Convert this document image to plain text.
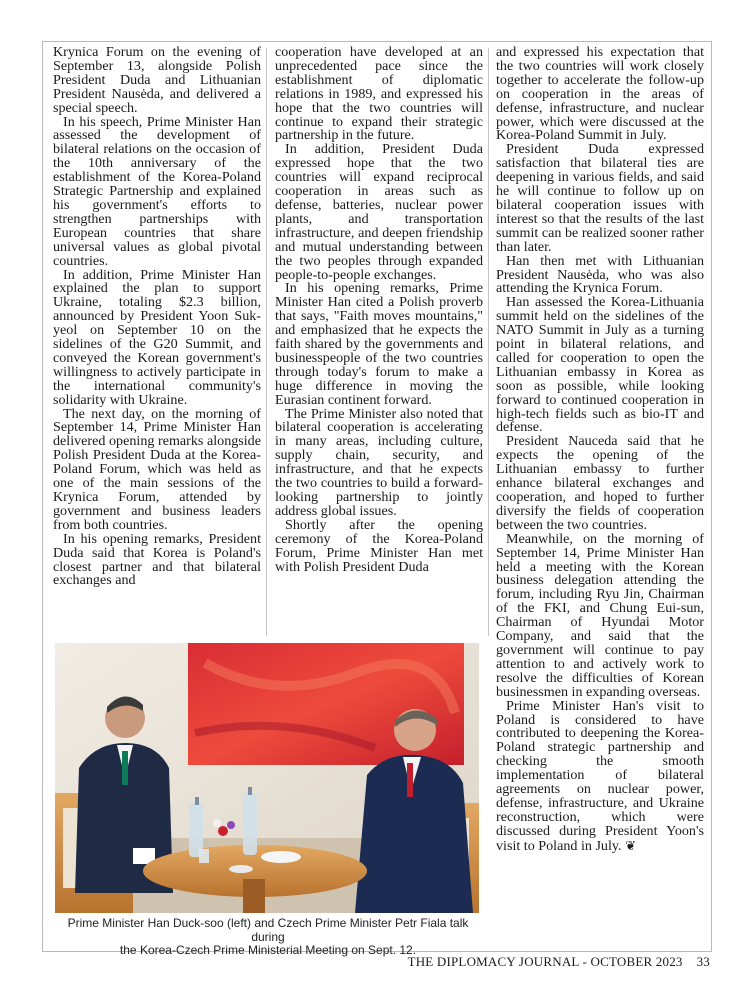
Krynica Forum on the evening of September 13, alongside Polish President Duda and Lithuanian President Nausėda, and delivered a special speech.

In his speech, Prime Minister Han assessed the development of bilateral relations on the occasion of the 10th anniversary of the establishment of the Korea-Poland Strategic Partnership and explained his government's efforts to strengthen partnerships with European countries that share universal values as global pivotal countries.

In addition, Prime Minister Han explained the plan to support Ukraine, totaling $2.3 billion, announced by President Yoon Suk-yeol on September 10 on the sidelines of the G20 Summit, and conveyed the Korean government's willingness to actively participate in the international community's solidarity with Ukraine.

The next day, on the morning of September 14, Prime Minister Han delivered opening remarks alongside Polish President Duda at the Korea-Poland Forum, which was held as one of the main sessions of the Krynica Forum, attended by government and business leaders from both countries.

In his opening remarks, President Duda said that Korea is Poland's closest partner and that bilateral exchanges and

cooperation have developed at an unprecedented pace since the establishment of diplomatic relations in 1989, and expressed his hope that the two countries will continue to expand their strategic partnership in the future.

In addition, President Duda expressed hope that the two countries will expand reciprocal cooperation in areas such as defense, batteries, nuclear power plants, and transportation infrastructure, and deepen friendship and mutual understanding between the two peoples through expanded people-to-people exchanges.

In his opening remarks, Prime Minister Han cited a Polish proverb that says, "Faith moves mountains," and emphasized that he expects the faith shared by the governments and businesspeople of the two countries through today's forum to make a huge difference in moving the Eurasian continent forward.

The Prime Minister also noted that bilateral cooperation is accelerating in many areas, including culture, supply chain, security, and infrastructure, and that he expects the two countries to build a forward-looking partnership to jointly address global issues.

Shortly after the opening ceremony of the Korea-Poland Forum, Prime Minister Han met with Polish President Duda

and expressed his expectation that the two countries will work closely together to accelerate the follow-up on cooperation in the areas of defense, infrastructure, and nuclear power, which were discussed at the Korea-Poland Summit in July.

President Duda expressed satisfaction that bilateral ties are deepening in various fields, and said he will continue to follow up on bilateral cooperation issues with interest so that the results of the last summit can be realized sooner rather than later.

Han then met with Lithuanian President Nausėda, who was also attending the Krynica Forum.

Han assessed the Korea-Lithuania summit held on the sidelines of the NATO Summit in July as a turning point in bilateral relations, and called for cooperation to open the Lithuanian embassy in Korea as soon as possible, while looking forward to continued cooperation in high-tech fields such as bio-IT and defense.

President Nauceda said that he expects the opening of the Lithuanian embassy to further enhance bilateral exchanges and cooperation, and hoped to further diversify the fields of cooperation between the two countries.

Meanwhile, on the morning of September 14, Prime Minister Han held a meeting with the Korean business delegation attending the forum, including Ryu Jin, Chairman of the FKI, and Chung Eui-sun, Chairman of Hyundai Motor Company, and said that the government will continue to pay attention to and actively work to resolve the difficulties of Korean businessmen in expanding overseas.

Prime Minister Han's visit to Poland is considered to have contributed to deepening the Korea-Poland strategic partnership and checking the smooth implementation of bilateral agreements on nuclear power, defense, infrastructure, and Ukraine reconstruction, which were discussed during President Yoon's visit to Poland in July. ❦

Prime Minister Han Duck-soo (left) and Czech Prime Minister Petr Fiala talk during
the Korea-Czech Prime Ministerial Meeting on Sept. 12.
THE DIPLOMACY JOURNAL - OCTOBER 2023 33
